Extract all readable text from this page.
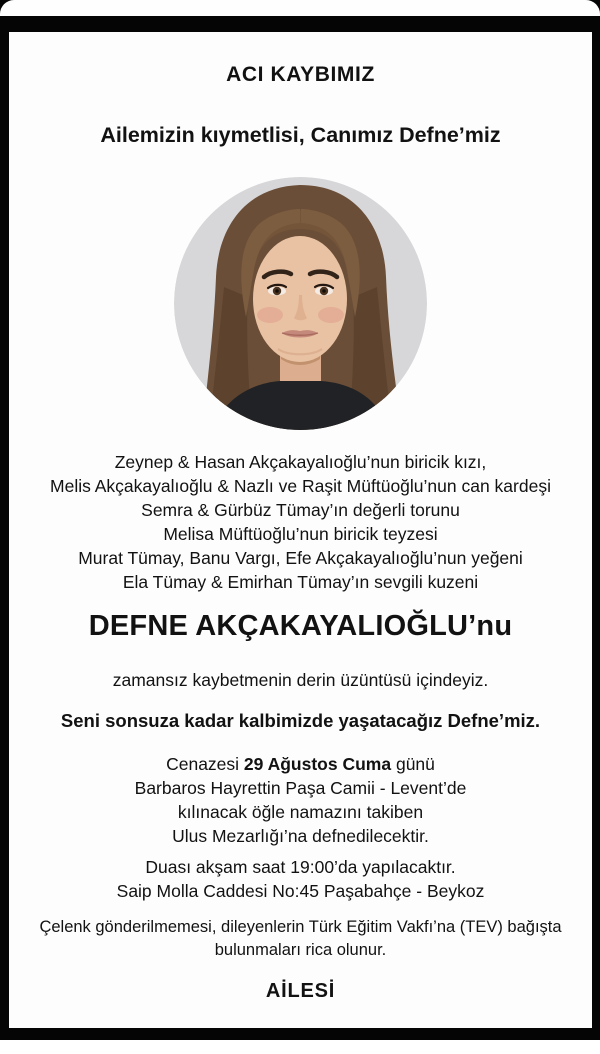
ACI KAYBIMIZ
Ailemizin kıymetlisi, Canımız Defne’miz
Zeynep & Hasan Akçakayalıoğlu’nun biricik kızı,
Melis Akçakayalıoğlu & Nazlı ve Raşit Müftüoğlu’nun can kardeşi
Semra & Gürbüz Tümay’ın değerli torunu
Melisa Müftüoğlu’nun biricik teyzesi
Murat Tümay, Banu Vargı, Efe Akçakayalıoğlu’nun yeğeni
Ela Tümay & Emirhan Tümay’ın sevgili kuzeni
DEFNE AKÇAKAYALIOĞLU’nu
zamansız kaybetmenin derin üzüntüsü içindeyiz.
Seni sonsuza kadar kalbimizde yaşatacağız Defne’miz.
Cenazesi 29 Ağustos Cuma günü
Barbaros Hayrettin Paşa Camii - Levent’de
kılınacak öğle namazını takiben
Ulus Mezarlığı’na defnedilecektir.
Duası akşam saat 19:00’da yapılacaktır.
Saip Molla Caddesi No:45 Paşabahçe - Beykoz
Çelenk gönderilmemesi, dileyenlerin Türk Eğitim Vakfı’na (TEV) bağışta
bulunmaları rica olunur.
AİLESİ
